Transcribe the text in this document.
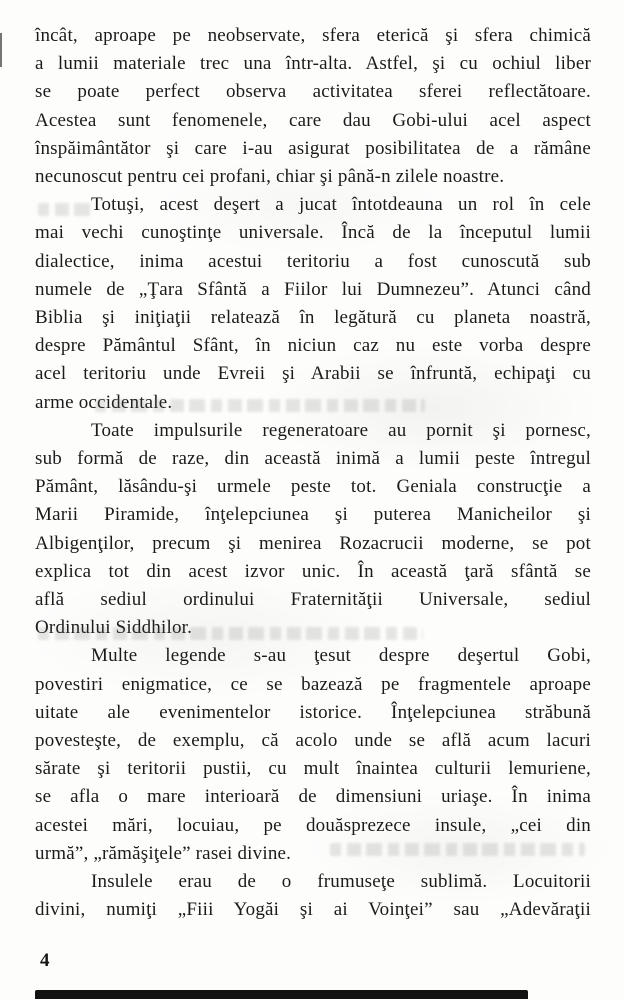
încât, aproape pe neobservate, sfera eterică şi sfera chimică
a lumii materiale trec una într-alta. Astfel, şi cu ochiul liber
se poate perfect observa activitatea sferei reflectătoare.
Acestea sunt fenomenele, care dau Gobi-ului acel aspect
înspăimântător şi care i-au asigurat posibilitatea de a rămâne
necunoscut pentru cei profani, chiar şi până-n zilele noastre.
Totuşi, acest deşert a jucat întotdeauna un rol în cele
mai vechi cunoştinţe universale. Încă de la începutul lumii
dialectice, inima acestui teritoriu a fost cunoscută sub
numele de „Ţara Sfântă a Fiilor lui Dumnezeu”. Atunci când
Biblia şi iniţiaţii relatează în legătură cu planeta noastră,
despre Pământul Sfânt, în niciun caz nu este vorba despre
acel teritoriu unde Evreii şi Arabii se înfruntă, echipaţi cu
arme occidentale.
Toate impulsurile regeneratoare au pornit şi pornesc,
sub formă de raze, din această inimă a lumii peste întregul
Pământ, lăsându-şi urmele peste tot. Geniala construcţie a
Marii Piramide, înţelepciunea şi puterea Manicheilor şi
Albigenţilor, precum şi menirea Rozacrucii moderne, se pot
explica tot din acest izvor unic. În această ţară sfântă se
află sediul ordinului Fraternităţii Universale, sediul
Ordinului Siddhilor.
Multe legende s-au ţesut despre deşertul Gobi,
povestiri enigmatice, ce se bazează pe fragmentele aproape
uitate ale evenimentelor istorice. Înţelepciunea străbună
povesteşte, de exemplu, că acolo unde se află acum lacuri
sărate şi teritorii pustii, cu mult înaintea culturii lemuriene,
se afla o mare interioară de dimensiuni uriaşe. În inima
acestei mări, locuiau, pe douăsprezece insule, „cei din
urmă”, „rămăşiţele” rasei divine.
Insulele erau de o frumuseţe sublimă. Locuitorii
divini, numiţi „Fiii Yogăi şi ai Voinţei” sau „Adevăraţii
4
